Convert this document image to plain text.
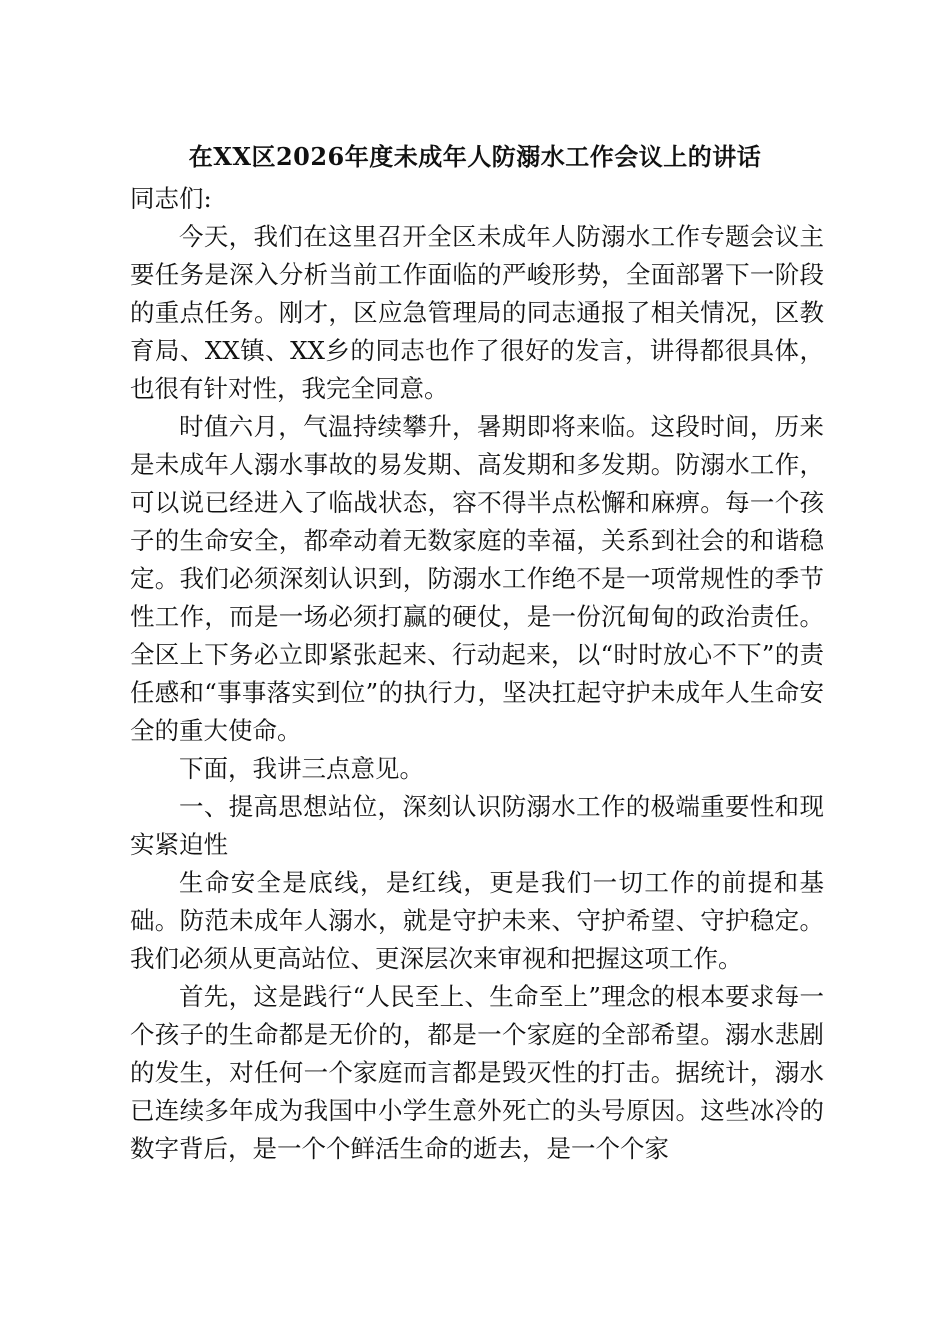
在XX区2026年度未成年人防溺水工作会议上的讲话

同志们:

今天，我们在这里召开全区未成年人防溺水工作专题会议主要任务是深入分析当前工作面临的严峻形势，全面部署下一阶段的重点任务。刚才，区应急管理局的同志通报了相关情况，区教育局、XX镇、XX乡的同志也作了很好的发言，讲得都很具体，也很有针对性，我完全同意。

时值六月，气温持续攀升，暑期即将来临。这段时间，历来是未成年人溺水事故的易发期、高发期和多发期。防溺水工作，可以说已经进入了临战状态，容不得半点松懈和麻痹。每一个孩子的生命安全，都牵动着无数家庭的幸福，关系到社会的和谐稳定。我们必须深刻认识到，防溺水工作绝不是一项常规性的季节性工作，而是一场必须打赢的硬仗，是一份沉甸甸的政治责任。全区上下务必立即紧张起来、行动起来，以“时时放心不下”的责任感和“事事落实到位”的执行力，坚决扛起守护未成年人生命安全的重大使命。

下面，我讲三点意见。

一、提高思想站位，深刻认识防溺水工作的极端重要性和现实紧迫性

生命安全是底线，是红线，更是我们一切工作的前提和基础。防范未成年人溺水，就是守护未来、守护希望、守护稳定。我们必须从更高站位、更深层次来审视和把握这项工作。

首先，这是践行“人民至上、生命至上”理念的根本要求每一个孩子的生命都是无价的，都是一个家庭的全部希望。溺水悲剧的发生，对任何一个家庭而言都是毁灭性的打击。据统计，溺水已连续多年成为我国中小学生意外死亡的头号原因。这些冰冷的数字背后，是一个个鲜活生命的逝去，是一个个家
